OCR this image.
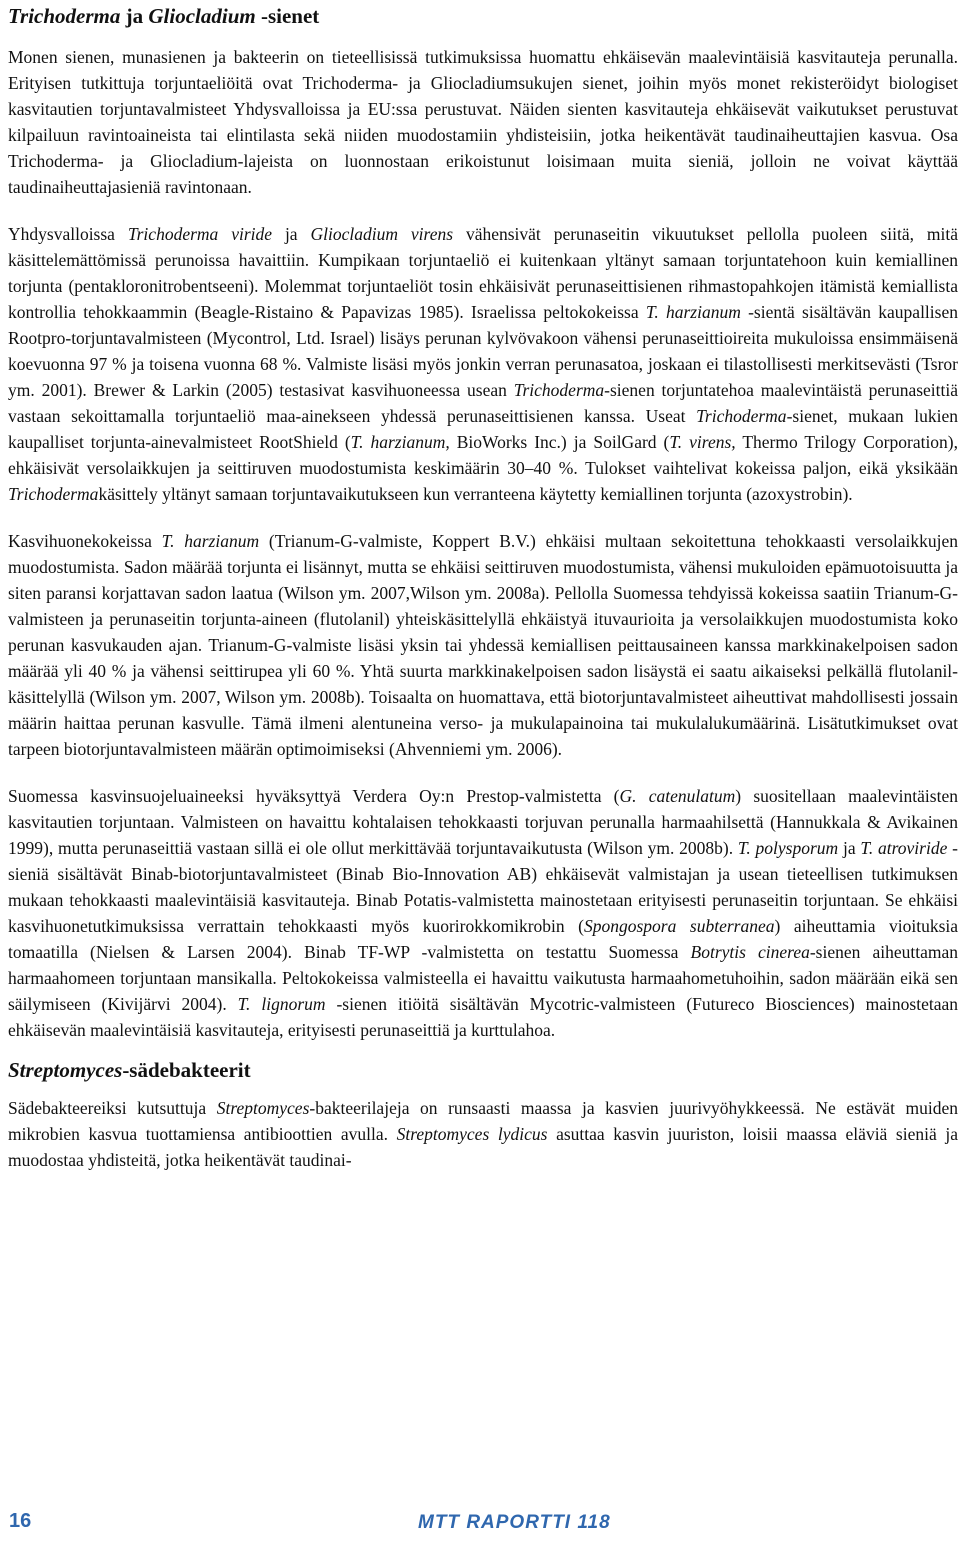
Trichoderma ja Gliocladium -sienet

Monen sienen, munasienen ja bakteerin on tieteellisissä tutkimuksissa huomattu ehkäisevän maalevintäisiä kasvitauteja perunalla. Erityisen tutkittuja torjuntaeliöitä ovat Trichoderma- ja Gliocladiumsukujen sienet, joihin myös monet rekisteröidyt biologiset kasvitautien torjuntavalmisteet Yhdysvalloissa ja EU:ssa perustuvat. Näiden sienten kasvitauteja ehkäisevät vaikutukset perustuvat kilpailuun ravintoaineista tai elintilasta sekä niiden muodostamiin yhdisteisiin, jotka heikentävät taudinaiheuttajien kasvua. Osa Trichoderma- ja Gliocladium-lajeista on luonnostaan erikoistunut loisimaan muita sieniä, jolloin ne voivat käyttää taudinaiheuttajasieniä ravintonaan.

Yhdysvalloissa Trichoderma viride ja Gliocladium virens vähensivät perunaseitin vikuutukset pellolla puoleen siitä, mitä käsittelemättömissä perunoissa havaittiin. Kumpikaan torjuntaeliö ei kuitenkaan yltänyt samaan torjuntatehoon kuin kemiallinen torjunta (pentakloronitrobentseeni). Molemmat torjuntaeliöt tosin ehkäisivät perunaseittisienen rihmastopahkojen itämistä kemiallista kontrollia tehokkaammin (Beagle-Ristaino & Papavizas 1985). Israelissa peltokokeissa T. harzianum -sientä sisältävän kaupallisen Rootpro-torjuntavalmisteen (Mycontrol, Ltd. Israel) lisäys perunan kylvövakoon vähensi perunaseittioireita mukuloissa ensimmäisenä koevuonna 97 % ja toisena vuonna 68 %. Valmiste lisäsi myös jonkin verran perunasatoa, joskaan ei tilastollisesti merkitsevästi (Tsror ym. 2001). Brewer & Larkin (2005) testasivat kasvihuoneessa usean Trichoderma-sienen torjuntatehoa maalevintäistä perunaseittiä vastaan sekoittamalla torjuntaeliö maa-ainekseen yhdessä perunaseittisienen kanssa. Useat Trichoderma-sienet, mukaan lukien kaupalliset torjunta-ainevalmisteet RootShield (T. harzianum, BioWorks Inc.) ja SoilGard (T. virens, Thermo Trilogy Corporation), ehkäisivät versolaikkujen ja seittiruven muodostumista keskimäärin 30–40 %. Tulokset vaihtelivat kokeissa paljon, eikä yksikään Trichodermakäsittely yltänyt samaan torjuntavaikutukseen kun verranteena käytetty kemiallinen torjunta (azoxystrobin).

Kasvihuonekokeissa T. harzianum (Trianum-G-valmiste, Koppert B.V.) ehkäisi multaan sekoitettuna tehokkaasti versolaikkujen muodostumista. Sadon määrää torjunta ei lisännyt, mutta se ehkäisi seittiruven muodostumista, vähensi mukuloiden epämuotoisuutta ja siten paransi korjattavan sadon laatua (Wilson ym. 2007,Wilson ym. 2008a). Pellolla Suomessa tehdyissä kokeissa saatiin Trianum-G-valmisteen ja perunaseitin torjunta-aineen (flutolanil) yhteiskäsittelyllä ehkäistyä ituvaurioita ja versolaikkujen muodostumista koko perunan kasvukauden ajan. Trianum-G-valmiste lisäsi yksin tai yhdessä kemiallisen peittausaineen kanssa markkinakelpoisen sadon määrää yli 40 % ja vähensi seittirupea yli 60 %. Yhtä suurta markkinakelpoisen sadon lisäystä ei saatu aikaiseksi pelkällä flutolanil-käsittelyllä (Wilson ym. 2007, Wilson ym. 2008b). Toisaalta on huomattava, että biotorjuntavalmisteet aiheuttivat mahdollisesti jossain määrin haittaa perunan kasvulle. Tämä ilmeni alentuneina verso- ja mukulapainoina tai mukulalukumäärinä. Lisätutkimukset ovat tarpeen biotorjuntavalmisteen määrän optimoimiseksi (Ahvenniemi ym. 2006).

Suomessa kasvinsuojeluaineeksi hyväksyttyä Verdera Oy:n Prestop-valmistetta (G. catenulatum) suositellaan maalevintäisten kasvitautien torjuntaan. Valmisteen on havaittu kohtalaisen tehokkaasti torjuvan perunalla harmaahilsettä (Hannukkala & Avikainen 1999), mutta perunaseittiä vastaan sillä ei ole ollut merkittävää torjuntavaikutusta (Wilson ym. 2008b). T. polysporum ja T. atroviride -sieniä sisältävät Binab-biotorjuntavalmisteet (Binab Bio-Innovation AB) ehkäisevät valmistajan ja usean tieteellisen tutkimuksen mukaan tehokkaasti maalevintäisiä kasvitauteja. Binab Potatis-valmistetta mainostetaan erityisesti perunaseitin torjuntaan. Se ehkäisi kasvihuonetutkimuksissa verrattain tehokkaasti myös kuorirokkomikrobin (Spongospora subterranea) aiheuttamia vioituksia tomaatilla (Nielsen & Larsen 2004). Binab TF-WP -valmistetta on testattu Suomessa Botrytis cinerea-sienen aiheuttaman harmaahomeen torjuntaan mansikalla. Peltokokeissa valmisteella ei havaittu vaikutusta harmaahometuhoihin, sadon määrään eikä sen säilymiseen (Kivijärvi 2004). T. lignorum -sienen itiöitä sisältävän Mycotric-valmisteen (Futureco Biosciences) mainostetaan ehkäisevän maalevintäisiä kasvitauteja, erityisesti perunaseittiä ja kurttulahoa.

Streptomyces-sädebakteerit

Sädebakteereiksi kutsuttuja Streptomyces-bakteerilajeja on runsaasti maassa ja kasvien juurivyöhykkeessä. Ne estävät muiden mikrobien kasvua tuottamiensa antibioottien avulla. Streptomyces lydicus asuttaa kasvin juuriston, loisii maassa eläviä sieniä ja muodostaa yhdisteitä, jotka heikentävät taudinai-

16	MTT RAPORTTI 118
